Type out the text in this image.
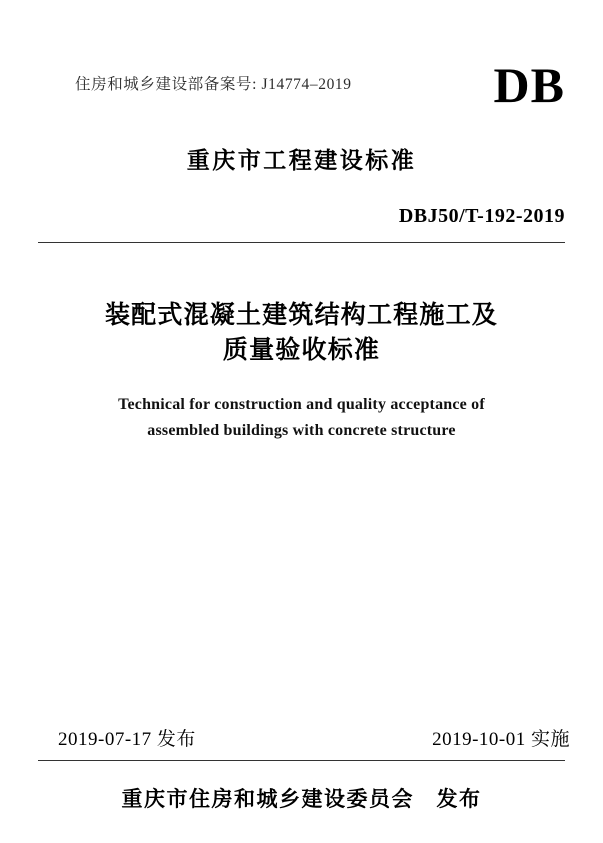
住房和城乡建设部备案号: J14774–2019	DB
重庆市工程建设标准
DBJ50/T-192-2019
装配式混凝土建筑结构工程施工及
质量验收标准
Technical for construction and quality acceptance of
assembled buildings with concrete structure
2019-07-17 发布	2019-10-01 实施
重庆市住房和城乡建设委员会　发布
